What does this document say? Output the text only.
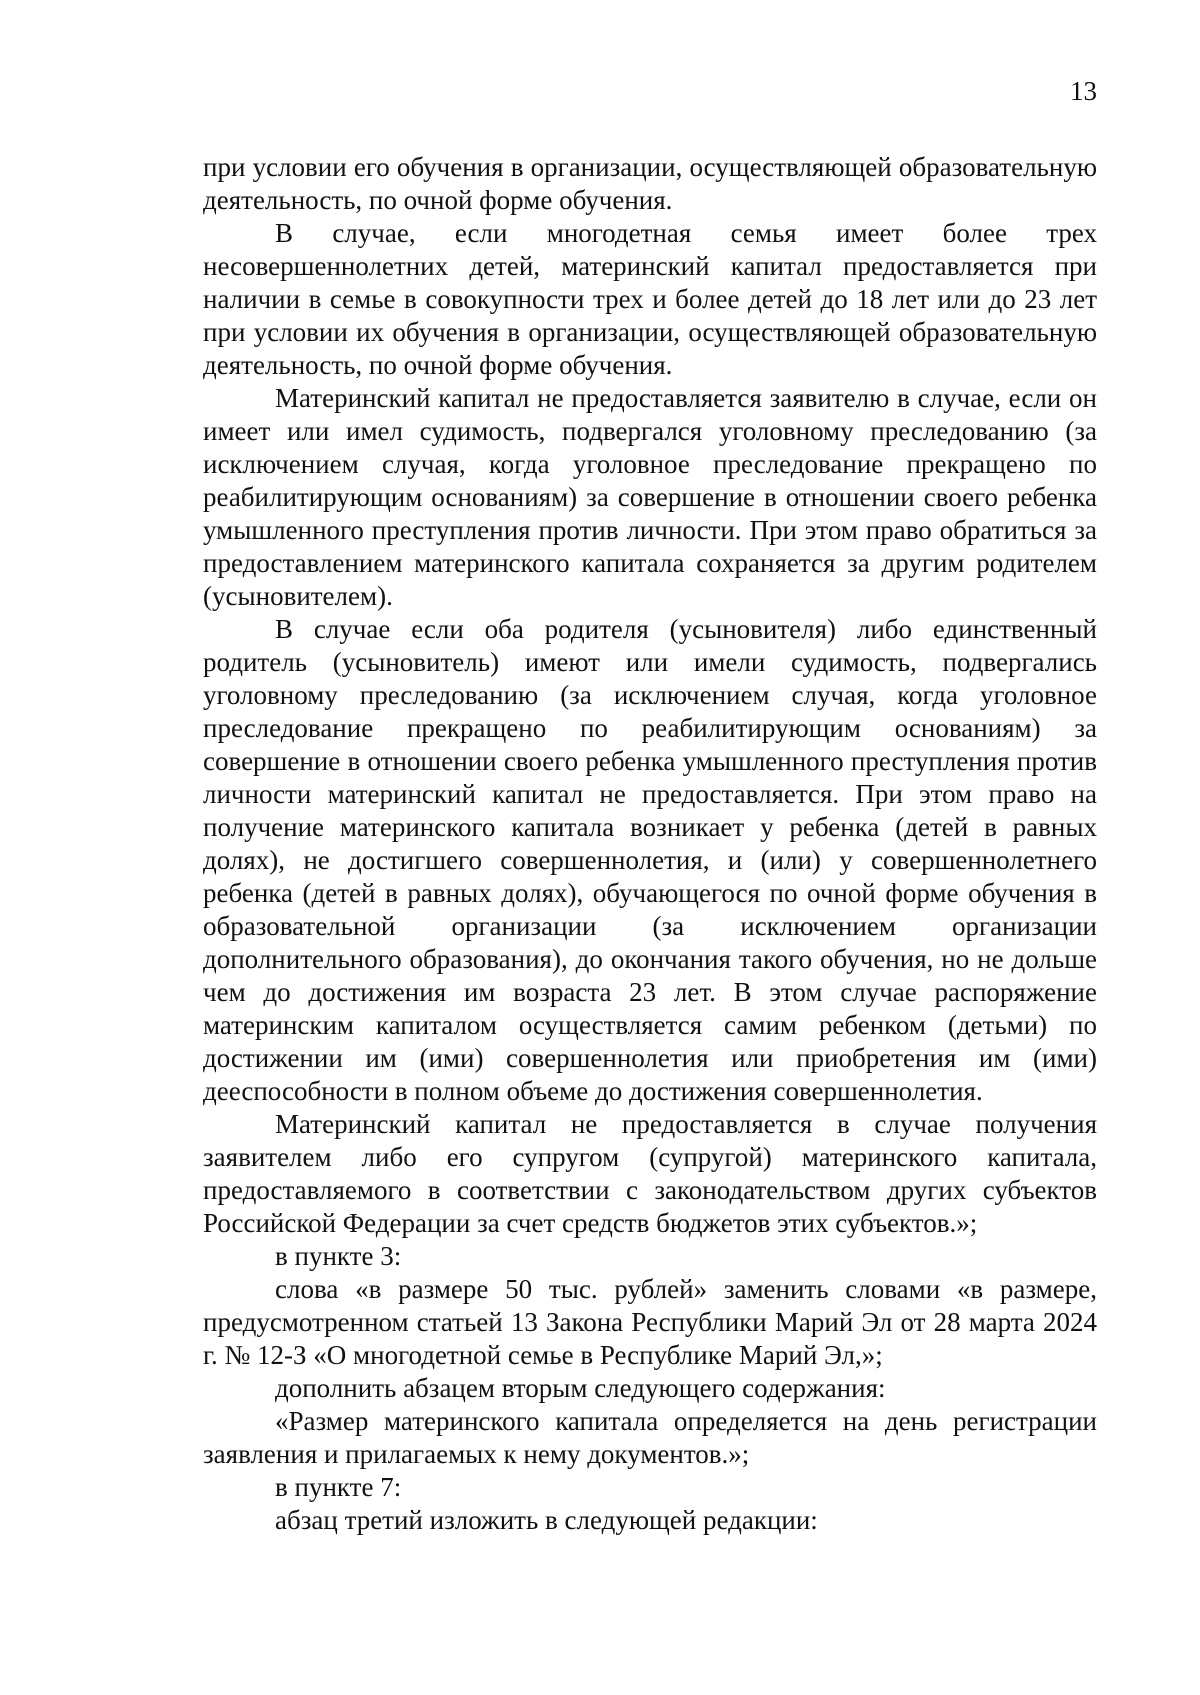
13

при условии его обучения в организации, осуществляющей образовательную деятельность, по очной форме обучения.

В случае, если многодетная семья имеет более трех несовершеннолетних детей, материнский капитал предоставляется при наличии в семье в совокупности трех и более детей до 18 лет или до 23 лет при условии их обучения в организации, осуществляющей образовательную деятельность, по очной форме обучения.

Материнский капитал не предоставляется заявителю в случае, если он имеет или имел судимость, подвергался уголовному преследованию (за исключением случая, когда уголовное преследование прекращено по реабилитирующим основаниям) за совершение в отношении своего ребенка умышленного преступления против личности. При этом право обратиться за предоставлением материнского капитала сохраняется за другим родителем (усыновителем).

В случае если оба родителя (усыновителя) либо единственный родитель (усыновитель) имеют или имели судимость, подвергались уголовному преследованию (за исключением случая, когда уголовное преследование прекращено по реабилитирующим основаниям) за совершение в отношении своего ребенка умышленного преступления против личности материнский капитал не предоставляется. При этом право на получение материнского капитала возникает у ребенка (детей в равных долях), не достигшего совершеннолетия, и (или) у совершеннолетнего ребенка (детей в равных долях), обучающегося по очной форме обучения в образовательной организации (за исключением организации дополнительного образования), до окончания такого обучения, но не дольше чем до достижения им возраста 23 лет. В этом случае распоряжение материнским капиталом осуществляется самим ребенком (детьми) по достижении им (ими) совершеннолетия или приобретения им (ими) дееспособности в полном объеме до достижения совершеннолетия.

Материнский капитал не предоставляется в случае получения заявителем либо его супругом (супругой) материнского капитала, предоставляемого в соответствии с законодательством других субъектов Российской Федерации за счет средств бюджетов этих субъектов.»;

в пункте 3:

слова «в размере 50 тыс. рублей» заменить словами «в размере, предусмотренном статьей 13 Закона Республики Марий Эл от 28 марта 2024 г. № 12-З «О многодетной семье в Республике Марий Эл,»;

дополнить абзацем вторым следующего содержания:

«Размер материнского капитала определяется на день регистрации заявления и прилагаемых к нему документов.»;

в пункте 7:

абзац третий изложить в следующей редакции:
